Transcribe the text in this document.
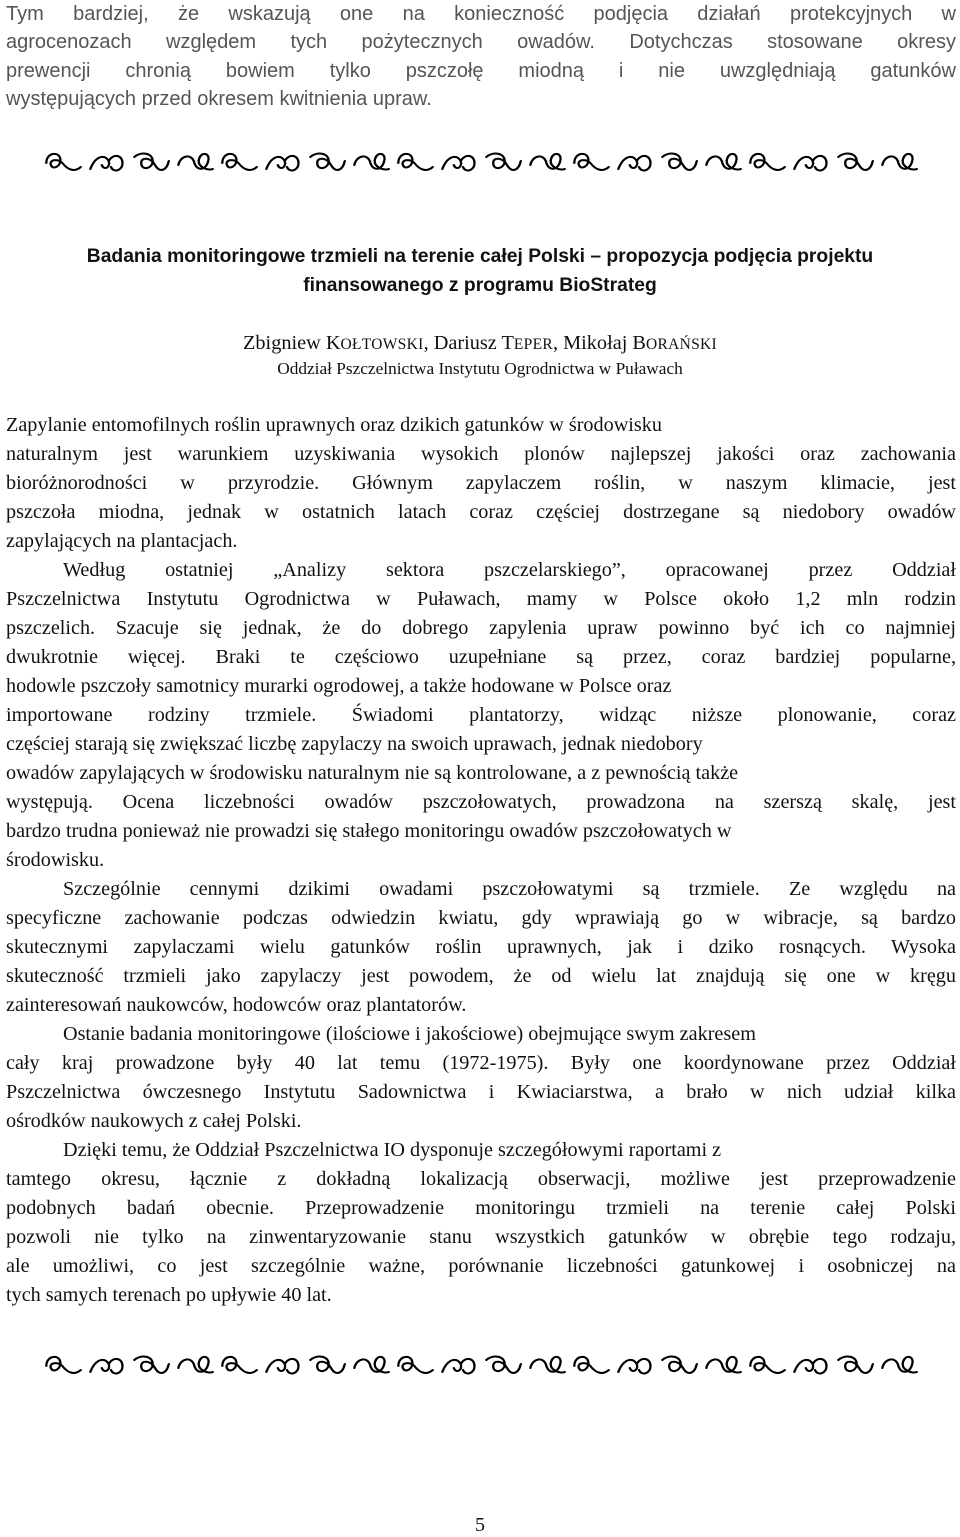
Tym bardziej, że wskazują one na konieczność podjęcia działań protekcyjnych w
agrocenozach względem tych pożytecznych owadów. Dotychczas stosowane okresy
prewencji chronią bowiem tylko pszczołę miodną i nie uwzględniają gatunków
występujących przed okresem kwitnienia upraw.
Badania monitoringowe trzmieli na terenie całej Polski – propozycja podjęcia projektu
finansowanego z programu BioStrateg
Zbigniew KOŁTOWSKI, Dariusz TEPER, Mikołaj BORAŃSKI
Oddział Pszczelnictwa Instytutu Ogrodnictwa w Puławach
Zapylanie entomofilnych roślin uprawnych oraz dzikich gatunków w środowisku
naturalnym jest warunkiem uzyskiwania wysokich plonów najlepszej jakości oraz zachowania
bioróżnorodności w przyrodzie. Głównym zapylaczem roślin, w naszym klimacie, jest
pszczoła miodna, jednak w ostatnich latach coraz częściej dostrzegane są niedobory owadów
zapylających na plantacjach.
Według ostatniej „Analizy sektora pszczelarskiego”, opracowanej przez Oddział
Pszczelnictwa Instytutu Ogrodnictwa w Puławach, mamy w Polsce około 1,2 mln rodzin
pszczelich. Szacuje się jednak, że do dobrego zapylenia upraw powinno być ich co najmniej
dwukrotnie więcej. Braki te częściowo uzupełniane są przez, coraz bardziej popularne,
hodowle pszczoły samotnicy murarki ogrodowej, a także hodowane w Polsce oraz
importowane rodziny trzmiele. Świadomi plantatorzy, widząc niższe plonowanie, coraz
częściej starają się zwiększać liczbę zapylaczy na swoich uprawach, jednak niedobory
owadów zapylających w środowisku naturalnym nie są kontrolowane, a z pewnością także
występują. Ocena liczebności owadów pszczołowatych, prowadzona na szerszą skalę, jest
bardzo trudna ponieważ nie prowadzi się stałego monitoringu owadów pszczołowatych w
środowisku.
Szczególnie cennymi dzikimi owadami pszczołowatymi są trzmiele. Ze względu na
specyficzne zachowanie podczas odwiedzin kwiatu, gdy wprawiają go w wibracje, są bardzo
skutecznymi zapylaczami wielu gatunków roślin uprawnych, jak i dziko rosnących. Wysoka
skuteczność trzmieli jako zapylaczy jest powodem, że od wielu lat znajdują się one w kręgu
zainteresowań naukowców, hodowców oraz plantatorów.
Ostanie badania monitoringowe (ilościowe i jakościowe) obejmujące swym zakresem
cały kraj prowadzone były 40 lat temu (1972-1975). Były one koordynowane przez Oddział
Pszczelnictwa ówczesnego Instytutu Sadownictwa i Kwiaciarstwa, a brało w nich udział kilka
ośrodków naukowych z całej Polski.
Dzięki temu, że Oddział Pszczelnictwa IO dysponuje szczegółowymi raportami z
tamtego okresu, łącznie z dokładną lokalizacją obserwacji, możliwe jest przeprowadzenie
podobnych badań obecnie. Przeprowadzenie monitoringu trzmieli na terenie całej Polski
pozwoli nie tylko na zinwentaryzowanie stanu wszystkich gatunków w obrębie tego rodzaju,
ale umożliwi, co jest szczególnie ważne, porównanie liczebności gatunkowej i osobniczej na
tych samych terenach po upływie 40 lat.
5
